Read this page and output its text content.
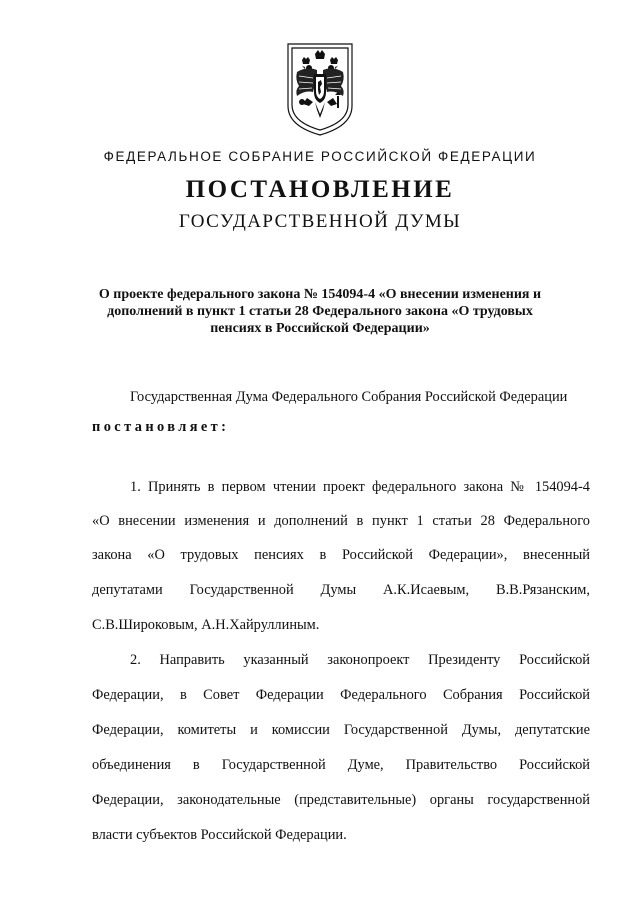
ФЕДЕРАЛЬНОЕ СОБРАНИЕ РОССИЙСКОЙ ФЕДЕРАЦИИ
ПОСТАНОВЛЕНИЕ
ГОСУДАРСТВЕННОЙ ДУМЫ
О проекте федерального закона № 154094-4 «О внесении изменения и
дополнений в пункт 1 статьи 28 Федерального закона «О трудовых
пенсиях в Российской Федерации»
Государственная Дума Федерального Собрания Российской Федерации
постановляет:
1. Принять в первом чтении проект федерального закона № 154094-4
«О внесении изменения и дополнений в пункт 1 статьи 28 Федерального
закона «О трудовых пенсиях в Российской Федерации», внесенный
депутатами Государственной Думы А.К.Исаевым, В.В.Рязанским,
С.В.Широковым, А.Н.Хайруллиным.
2. Направить указанный законопроект Президенту Российской
Федерации, в Совет Федерации Федерального Собрания Российской
Федерации, комитеты и комиссии Государственной Думы, депутатские
объединения в Государственной Думе, Правительство Российской
Федерации, законодательные (представительные) органы государственной
власти субъектов Российской Федерации.
